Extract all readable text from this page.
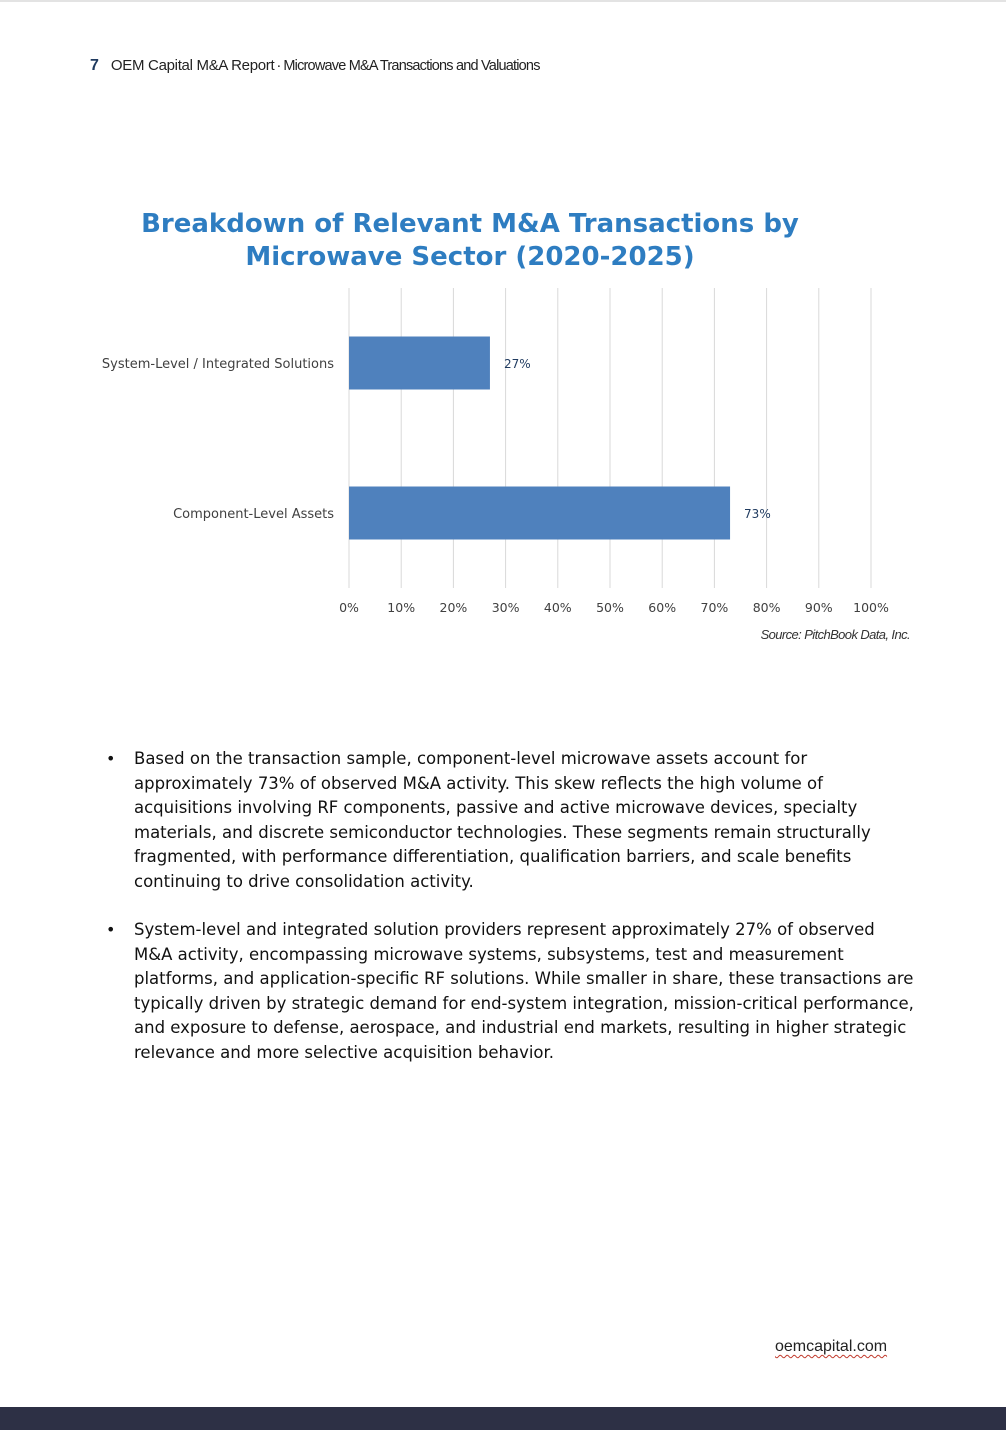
7 OEM Capital M&A Report · Microwave M&A Transactions and Valuations
Breakdown of Relevant M&A Transactions by
Microwave Sector (2020-2025)
System-Level / Integrated Solutions
Component-Level Assets
27%
73%
0% 10% 20% 30% 40% 50% 60% 70% 80% 90% 100%
Source: PitchBook Data, Inc.
• Based on the transaction sample, component-level microwave assets account for approximately 73% of observed M&A activity. This skew reflects the high volume of acquisitions involving RF components, passive and active microwave devices, specialty materials, and discrete semiconductor technologies. These segments remain structurally fragmented, with performance differentiation, qualification barriers, and scale benefits continuing to drive consolidation activity.
• System-level and integrated solution providers represent approximately 27% of observed M&A activity, encompassing microwave systems, subsystems, test and measurement platforms, and application-specific RF solutions. While smaller in share, these transactions are typically driven by strategic demand for end-system integration, mission-critical performance, and exposure to defense, aerospace, and industrial end markets, resulting in higher strategic relevance and more selective acquisition behavior.
oemcapital.com
